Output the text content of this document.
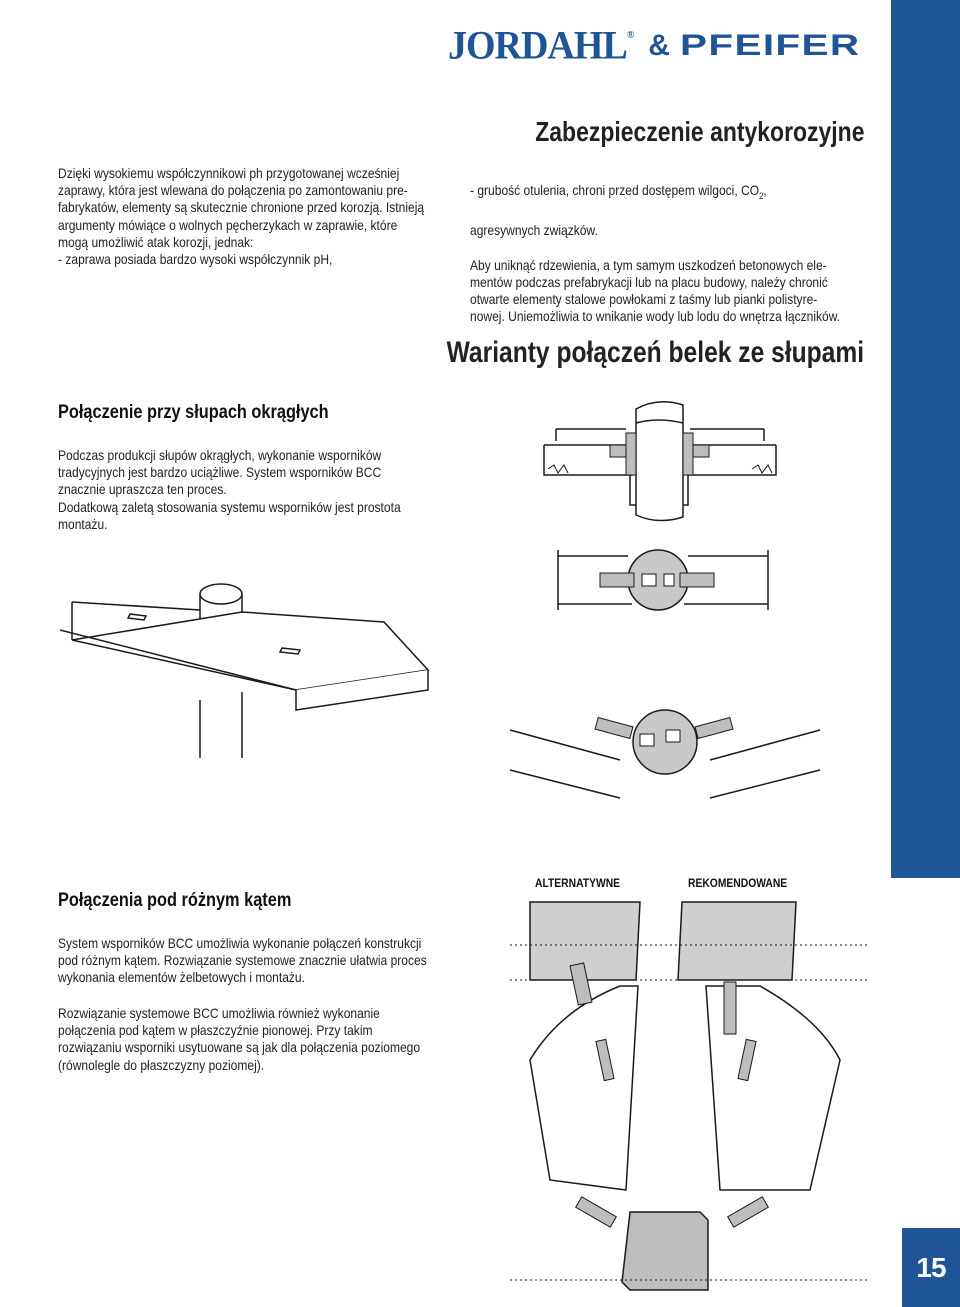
15
JORDAHL ® & PFEIFER
Zabezpieczenie antykorozyjne
Dzięki wysokiemu współczynnikowi ph przygotowanej wcześniej
zaprawy, która jest wlewana do połączenia po zamontowaniu pre-
fabrykatów, elementy są skutecznie chronione przed korozją. Istnieją
argumenty mówiące o wolnych pęcherzykach w zaprawie, które
mogą umożliwić atak korozji, jednak:
- zaprawa posiada bardzo wysoki współczynnik pH,

- grubość otulenia, chroni przed dostępem wilgoci, $CO_2$,

agresywnych związków.

Aby uniknąć rdzewienia, a tym samym uszkodzeń betonowych ele-
mentów podczas prefabrykacji lub na placu budowy, należy chronić
otwarte elementy stalowe powłokami z taśmy lub pianki polistyre-
nowej. Uniemożliwia to wnikanie wody lub lodu do wnętrza łączników.

Warianty połączeń belek ze słupami
Połączenie przy słupach okrągłych
Podczas produkcji słupów okrągłych, wykonanie wsporników
tradycyjnych jest bardzo uciążliwe. System wsporników BCC
znacznie upraszcza ten proces.
Dodatkową zaletą stosowania systemu wsporników jest prostota
montażu.
Połączenia pod różnym kątem
System wsporników BCC umożliwia wykonanie połączeń konstrukcji
pod różnym kątem. Rozwiązanie systemowe znacznie ułatwia proces
wykonania elementów żelbetowych i montażu.
Rozwiązanie systemowe BCC umożliwia również wykonanie
połączenia pod kątem w płaszczyźnie pionowej. Przy takim
rozwiązaniu wsporniki usytuowane są jak dla połączenia poziomego
(równolegle do płaszczyzny poziomej).
ALTERNATYWNE	REKOMENDOWANE
